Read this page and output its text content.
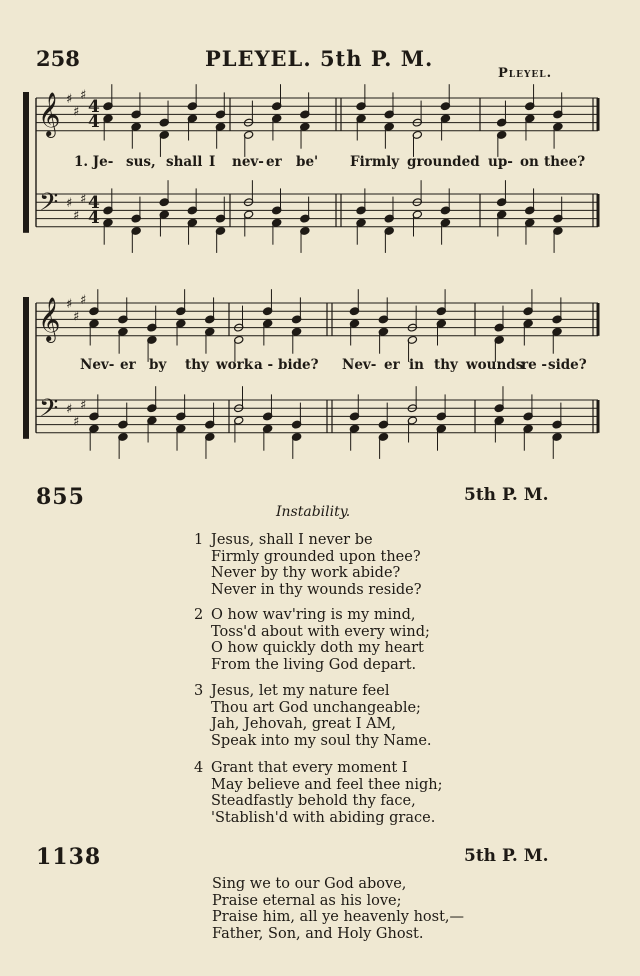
258	PLEYEL. 5th P. M.
Pleyel.
𝄞
𝄢
♯
♯
♯
♯
♯
♯
4
4
4
4
𝄞
𝄢
♯
♯
♯
♯
♯
♯
1. Je- sus, shall I nev- er be' Firmly grounded up- on thee?
Nev- er by thy work a - bide? Nev- er in thy wounds
re - side?
855	5th P. M.
Instability.
1 Jesus, shall I never be
Firmly grounded upon thee?
Never by thy work abide?
Never in thy wounds reside?
2 O how wav'ring is my mind,
Toss'd about with every wind;
O how quickly doth my heart
From the living God depart.
3 Jesus, let my nature feel
Thou art God unchangeable;
Jah, Jehovah, great I AM,
Speak into my soul thy Name.
4 Grant that every moment I
May believe and feel thee nigh;
Steadfastly behold thy face,
'Stablish'd with abiding grace.
1138	5th P. M.
Sing we to our God above,
Praise eternal as his love;
Praise him, all ye heavenly host,—
Father, Son, and Holy Ghost.
